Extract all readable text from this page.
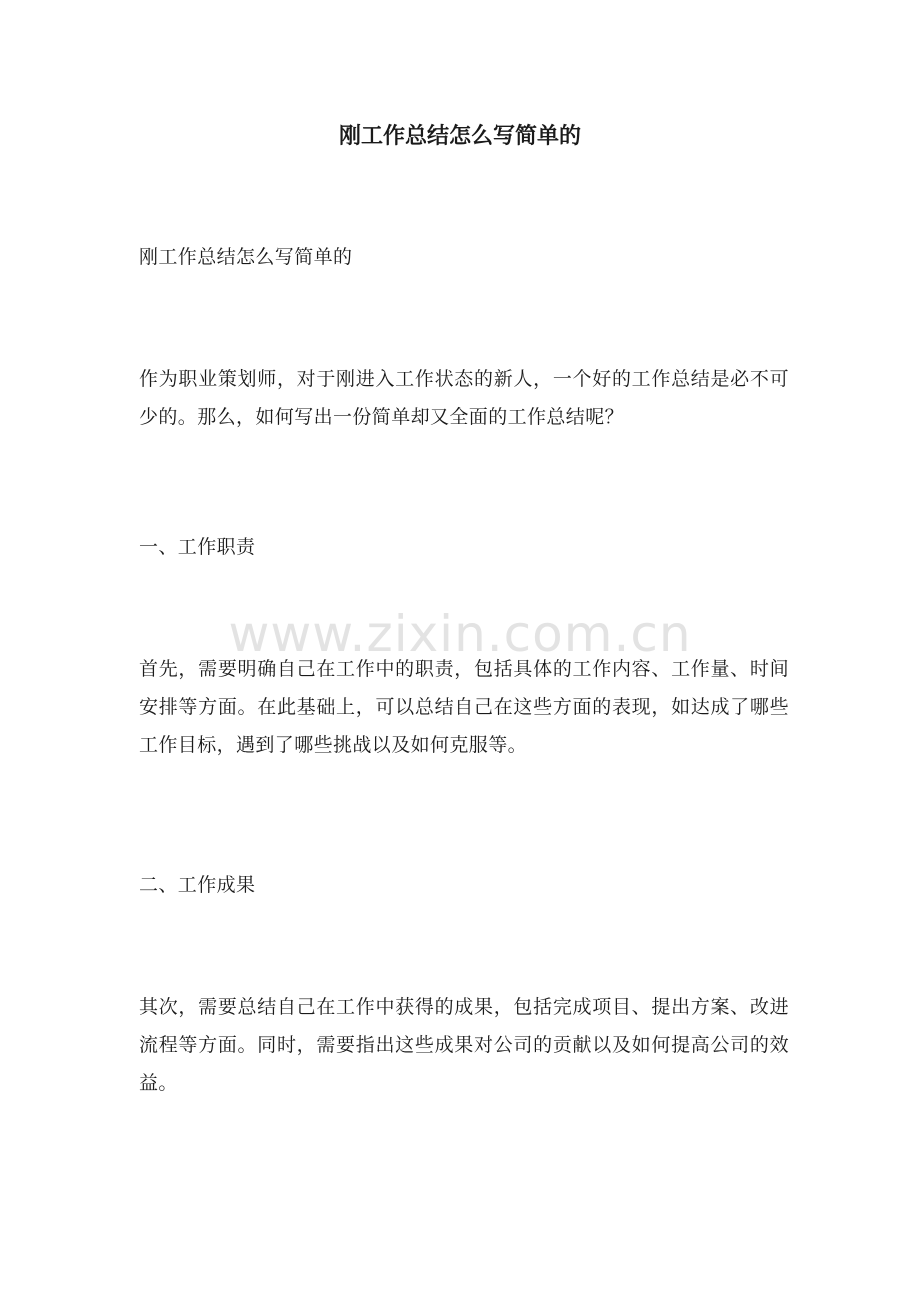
刚工作总结怎么写简单的

刚工作总结怎么写简单的

作为职业策划师，对于刚进入工作状态的新人，一个好的工作总结是必不可少的。那么，如何写出一份简单却又全面的工作总结呢？

一、工作职责

首先，需要明确自己在工作中的职责，包括具体的工作内容、工作量、时间安排等方面。在此基础上，可以总结自己在这些方面的表现，如达成了哪些工作目标，遇到了哪些挑战以及如何克服等。

二、工作成果

其次，需要总结自己在工作中获得的成果，包括完成项目、提出方案、改进流程等方面。同时，需要指出这些成果对公司的贡献以及如何提高公司的效益。

www.zixin.com.cn
